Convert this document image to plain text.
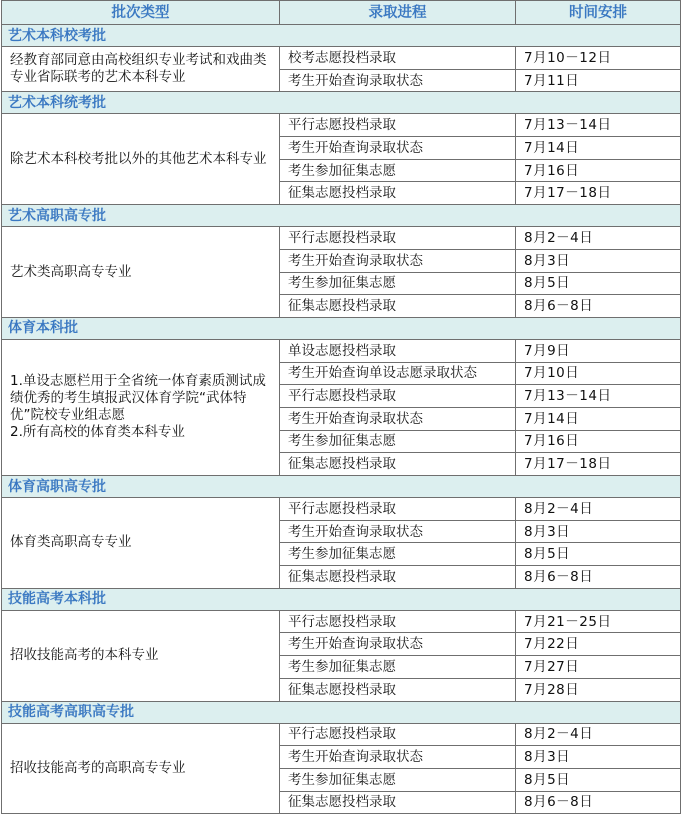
批次类型	录取进程	时间安排
艺术本科校考批		

经教育部同意由高校组织专业考试和戏曲类专业省际联考的艺术本科专业	校考志愿投档录取	7月10－12日
	考生开始查询录取状态	7月11日
艺术本科统考批		

除艺术本科校考批以外的其他艺术本科专业	平行志愿投档录取	7月13－14日
	考生开始查询录取状态	7月14日
	考生参加征集志愿	7月16日
	征集志愿投档录取	7月17－18日
艺术高职高专批		

艺术类高职高专专业	平行志愿投档录取	8月2－4日
	考生开始查询录取状态	8月3日
	考生参加征集志愿	8月5日
	征集志愿投档录取	8月6－8日
体育本科批		

1.单设志愿栏用于全省统一体育素质测试成绩优秀的考生填报武汉体育学院“武体特优”院校专业组志愿
2.所有高校的体育类本科专业	单设志愿投档录取	7月9日
	考生开始查询单设志愿录取状态	7月10日
	平行志愿投档录取	7月13－14日
	考生开始查询录取状态	7月14日
	考生参加征集志愿	7月16日
	征集志愿投档录取	7月17－18日
体育高职高专批		

体育类高职高专专业	平行志愿投档录取	8月2－4日
	考生开始查询录取状态	8月3日
	考生参加征集志愿	8月5日
	征集志愿投档录取	8月6－8日
技能高考本科批		

招收技能高考的本科专业	平行志愿投档录取	7月21－25日
	考生开始查询录取状态	7月22日
	考生参加征集志愿	7月27日
	征集志愿投档录取	7月28日
技能高考高职高专批		

招收技能高考的高职高专专业	平行志愿投档录取	8月2－4日
	考生开始查询录取状态	8月3日
	考生参加征集志愿	8月5日
	征集志愿投档录取	8月6－8日
